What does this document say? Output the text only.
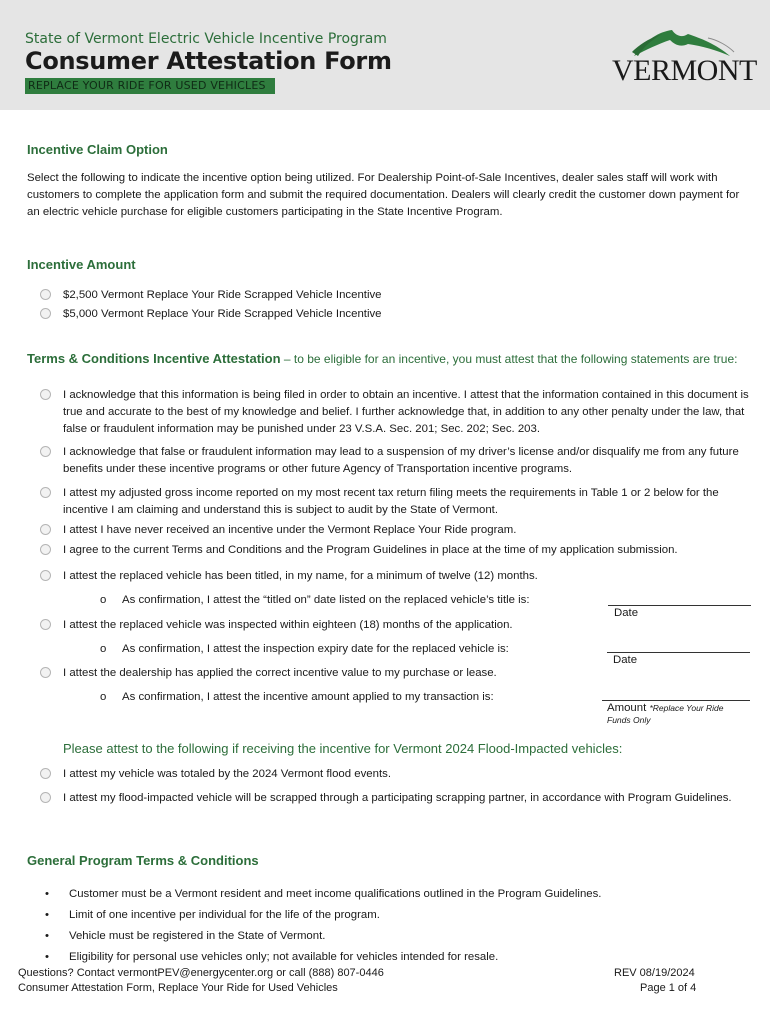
State of Vermont Electric Vehicle Incentive Program
Consumer Attestation Form
REPLACE YOUR RIDE FOR USED VEHICLES	VERMONT
Incentive Claim Option
Select the following to indicate the incentive option being utilized. For Dealership Point-of-Sale Incentives, dealer sales staff will work with customers to complete the application form and submit the required documentation. Dealers will clearly credit the customer down payment for an electric vehicle purchase for eligible customers participating in the State Incentive Program.
Incentive Amount
$2,500 Vermont Replace Your Ride Scrapped Vehicle Incentive
$5,000 Vermont Replace Your Ride Scrapped Vehicle Incentive
Terms & Conditions Incentive Attestation – to be eligible for an incentive, you must attest that the following statements are true:
I acknowledge that this information is being filed in order to obtain an incentive. I attest that the information contained in this document is true and accurate to the best of my knowledge and belief. I further acknowledge that, in addition to any other penalty under the law, that false or fraudulent information may be punished under 23 V.S.A. Sec. 201; Sec. 202; Sec. 203.
I acknowledge that false or fraudulent information may lead to a suspension of my driver’s license and/or disqualify me from any future benefits under these incentive programs or other future Agency of Transportation incentive programs.
I attest my adjusted gross income reported on my most recent tax return filing meets the requirements in Table 1 or 2 below for the incentive I am claiming and understand this is subject to audit by the State of Vermont.
I attest I have never received an incentive under the Vermont Replace Your Ride program.
I agree to the current Terms and Conditions and the Program Guidelines in place at the time of my application submission.
I attest the replaced vehicle has been titled, in my name, for a minimum of twelve (12) months.
o As confirmation, I attest the “titled on” date listed on the replaced vehicle’s title is:
Date
I attest the replaced vehicle was inspected within eighteen (18) months of the application.
o As confirmation, I attest the inspection expiry date for the replaced vehicle is:
Date
I attest the dealership has applied the correct incentive value to my purchase or lease.
o As confirmation, I attest the incentive amount applied to my transaction is:
Amount *Replace Your Ride
Funds Only
Please attest to the following if receiving the incentive for Vermont 2024 Flood-Impacted vehicles:
I attest my vehicle was totaled by the 2024 Vermont flood events.
I attest my flood-impacted vehicle will be scrapped through a participating scrapping partner, in accordance with Program Guidelines.
General Program Terms & Conditions
• Customer must be a Vermont resident and meet income qualifications outlined in the Program Guidelines.
• Limit of one incentive per individual for the life of the program.
• Vehicle must be registered in the State of Vermont.
• Eligibility for personal use vehicles only; not available for vehicles intended for resale.
Questions? Contact vermontPEV@energycenter.org or call (888) 807-0446
Consumer Attestation Form, Replace Your Ride for Used Vehicles
REV 08/19/2024
Page 1 of 4
